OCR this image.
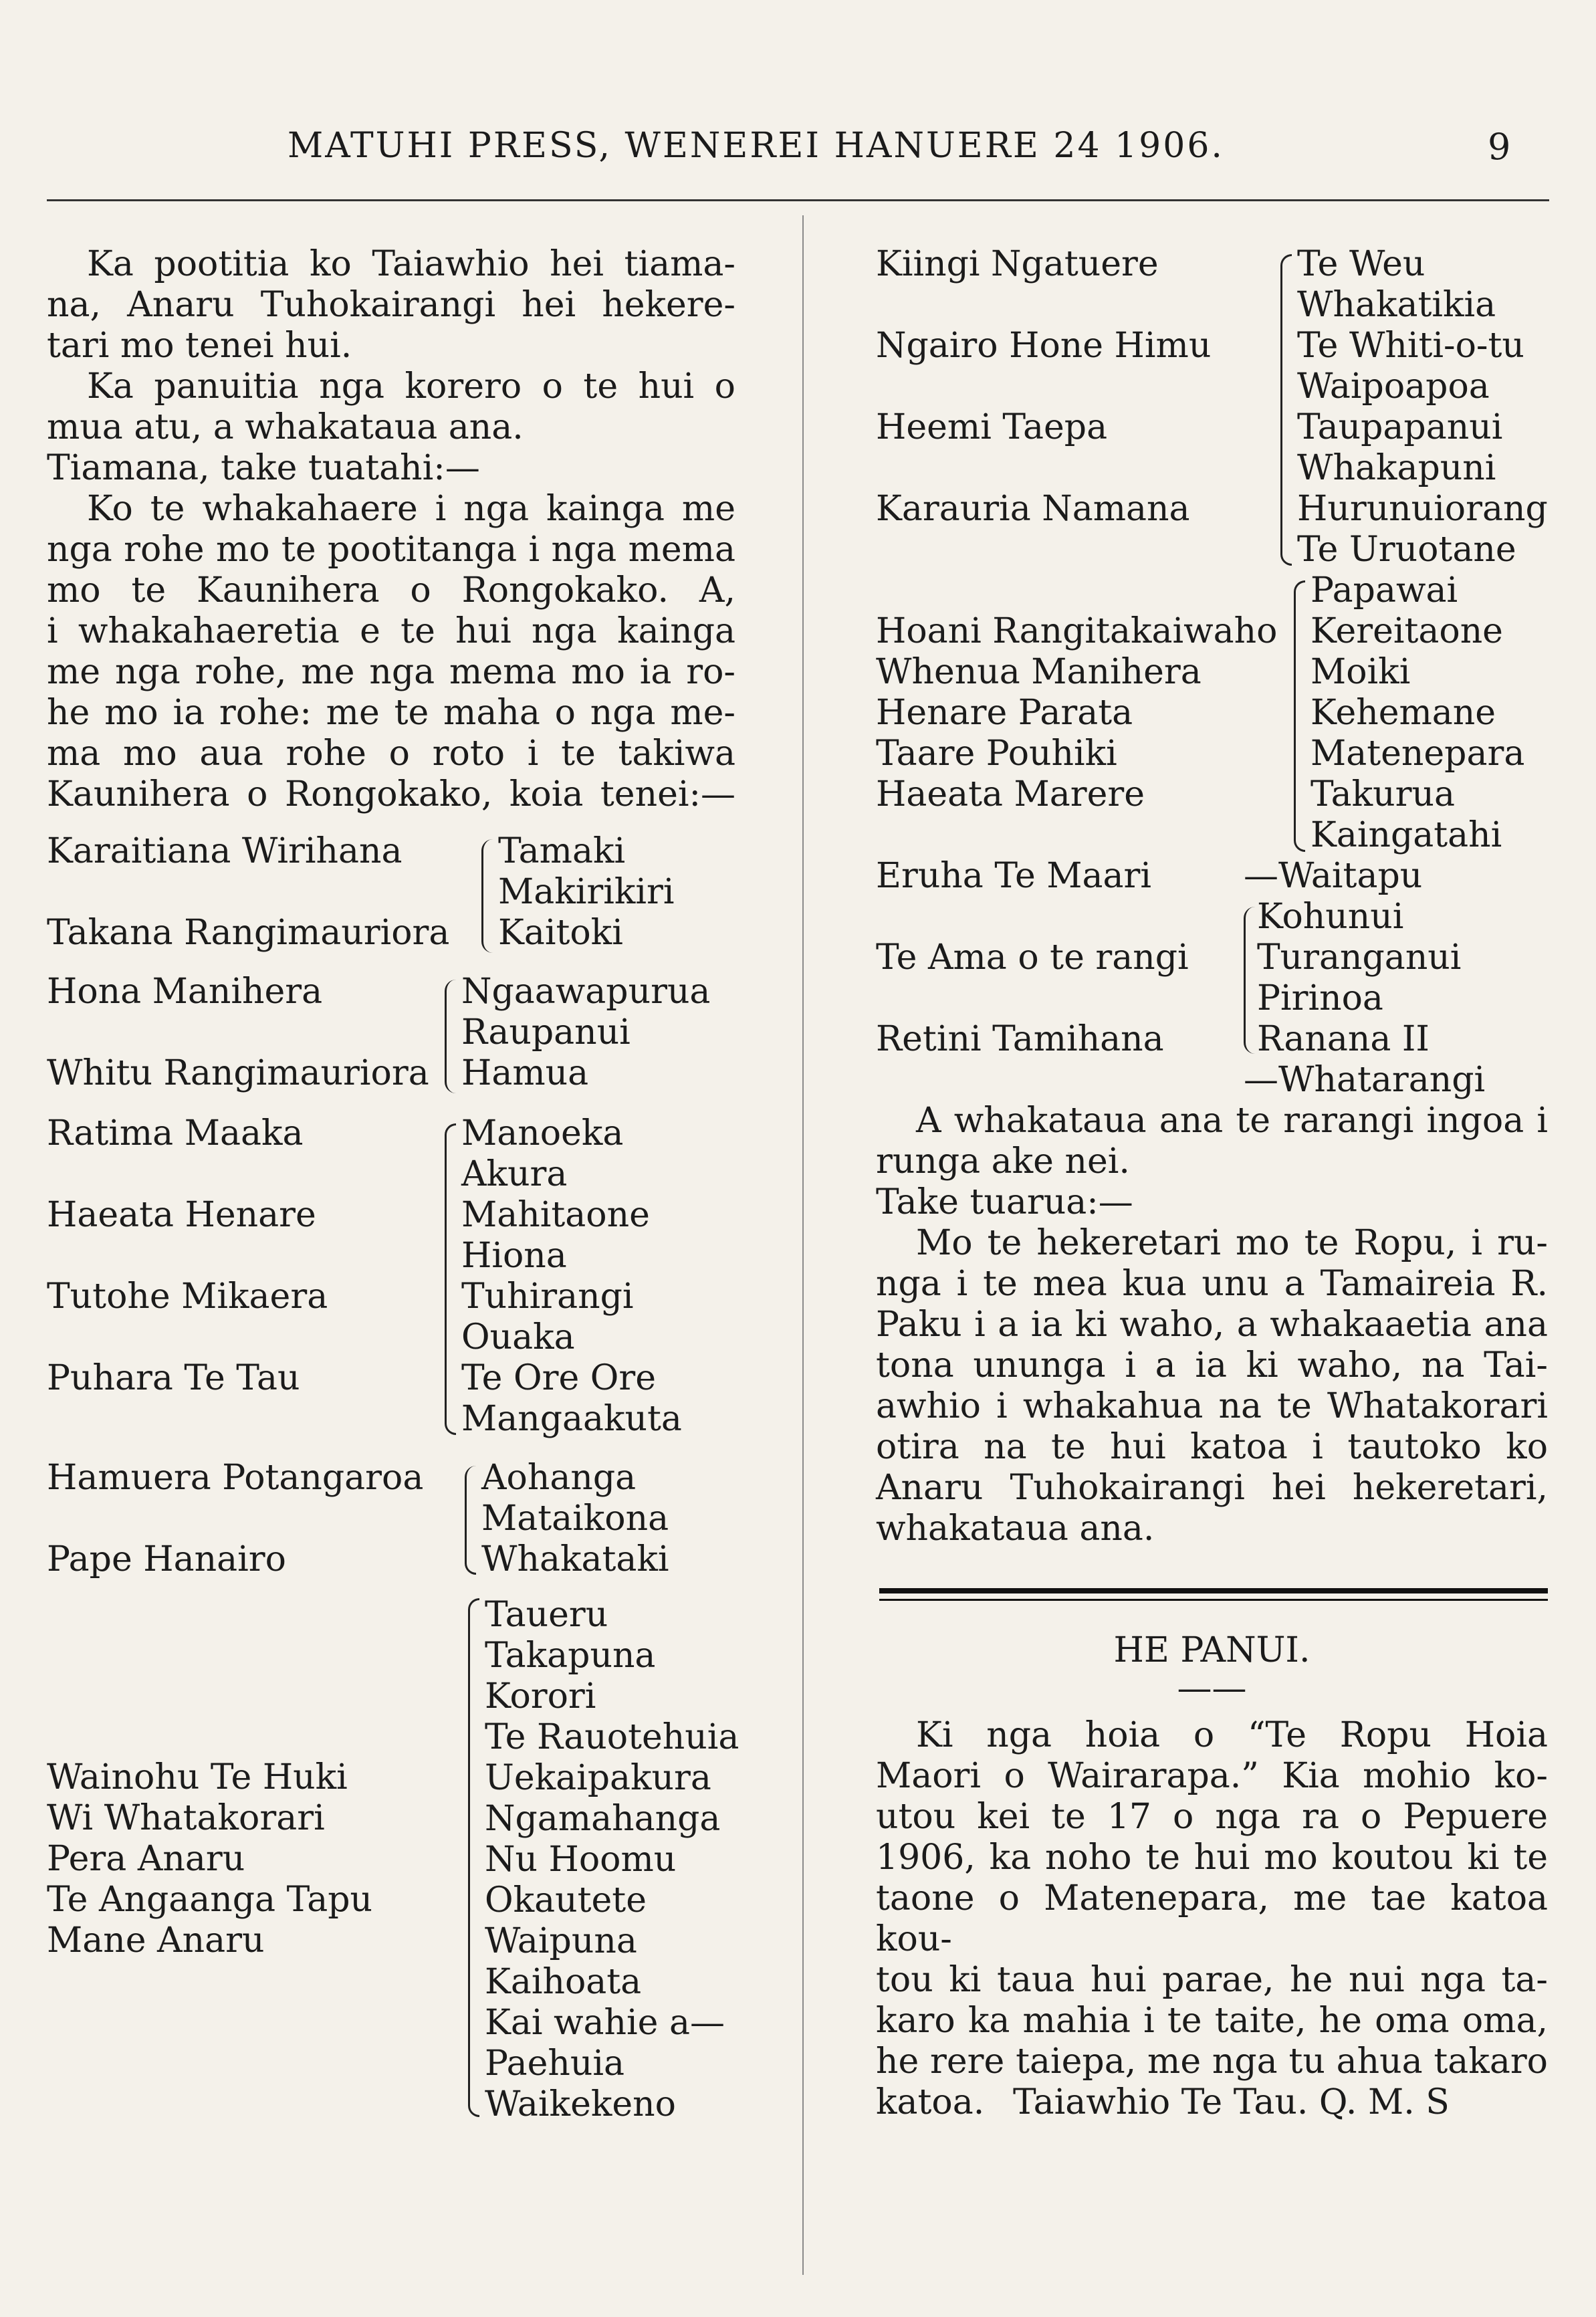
MATUHI PRESS, WENEREI HANUERE 24 1906.	9
Ka pootitia ko Taiawhio hei tiama-
na, Anaru Tuhokairangi hei hekere-
tari mo tenei hui.
Ka panuitia nga korero o te hui o
mua atu, a whakataua ana.
Tiamana, take tuatahi:—
Ko te whakahaere i nga kainga me
nga rohe mo te pootitanga i nga mema
mo te Kaunihera o Rongokako. A,
i whakahaeretia e te hui nga kainga
me nga rohe, me nga mema mo ia ro-
he mo ia rohe: me te maha o nga me-
ma mo aua rohe o roto i te takiwa
Kaunihera o Rongokako, koia tenei:—
Karaitiana Wirihana
Takana Rangimauriora
Tamaki
Makirikiri
Kaitoki
Hona Manihera
Whitu Rangimauriora
Ngaawapurua
Raupanui
Hamua
Ratima Maaka
Haeata Henare
Tutohe Mikaera
Puhara Te Tau
Manoeka
Akura
Mahitaone
Hiona
Tuhirangi
Ouaka
Te Ore Ore
Mangaakuta
Hamuera Potangaroa
Pape Hanairo
Aohanga
Mataikona
Whakataki
Wainohu Te Huki
Wi Whatakorari
Pera Anaru
Te Angaanga Tapu
Mane Anaru
Taueru
Takapuna
Korori
Te Rauotehuia
Uekaipakura
Ngamahanga
Nu Hoomu
Okautete
Waipuna
Kaihoata
Kai wahie a—
Paehuia
Waikekeno
Kiingi Ngatuere
Ngairo Hone Himu
Heemi Taepa
Karauria Namana
Te Weu
Whakatikia
Te Whiti-o-tu
Waipoapoa
Taupapanui
Whakapuni
Hurunuiorang
Te Uruotane
Hoani Rangitakaiwaho
Whenua Manihera
Henare Parata
Taare Pouhiki
Haeata Marere
Papawai
Kereitaone
Moiki
Kehemane
Matenepara
Takurua
Kaingatahi
Eruha Te Maari	—Waitapu
Te Ama o te rangi
Retini Tamihana
Kohunui
Turanganui
Pirinoa
Ranana II
—Whatarangi
A whakataua ana te rarangi ingoa i
runga ake nei.
Take tuarua:—
Mo te hekeretari mo te Ropu, i ru-
nga i te mea kua unu a Tamaireia R.
Paku i a ia ki waho, a whakaaetia ana
tona ununga i a ia ki waho, na Tai-
awhio i whakahua na te Whatakorari
otira na te hui katoa i tautoko ko
Anaru Tuhokairangi hei hekeretari,
whakataua ana.
HE PANUI.
——
Ki nga hoia o “Te Ropu Hoia
Maori o Wairarapa.” Kia mohio ko-
utou kei te 17 o nga ra o Pepuere
1906, ka noho te hui mo koutou ki te
taone o Matenepara, me tae katoa kou-
tou ki taua hui parae, he nui nga ta-
karo ka mahia i te taite, he oma oma,
he rere taiepa, me nga tu ahua takaro
katoa. Taiawhio Te Tau. Q. M. S
